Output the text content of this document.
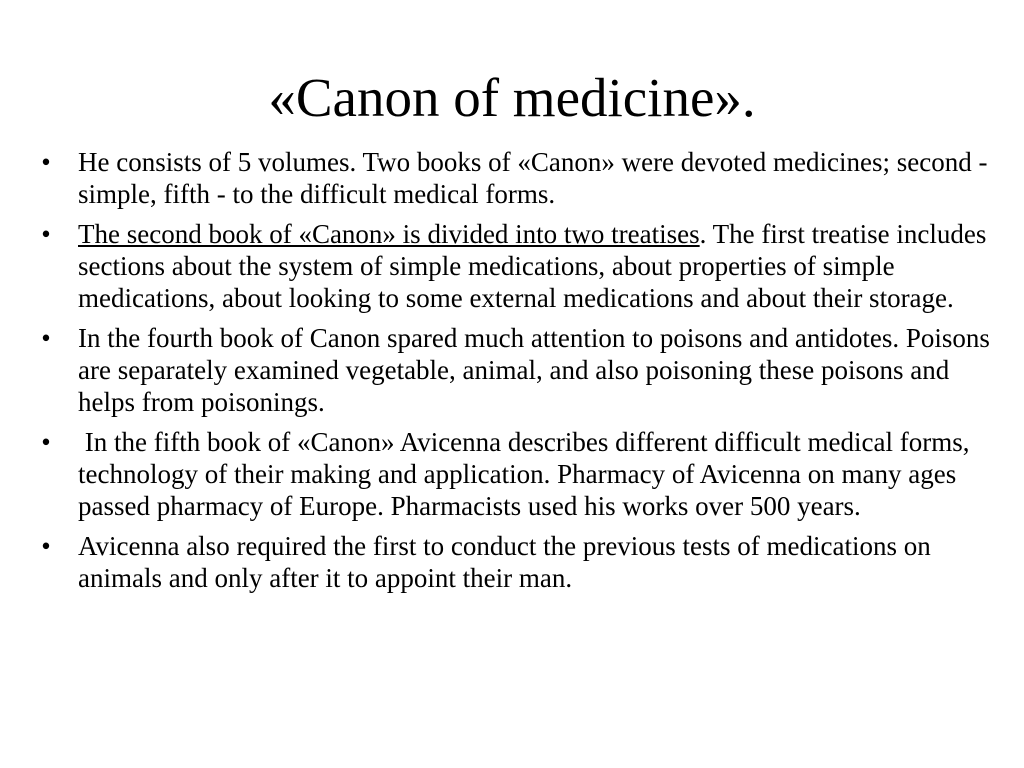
«Canon of medicine».
• He consists of 5 volumes. Two books of «Canon» were devoted medicines; second - simple, fifth - to the difficult medical forms.
• The second book of «Canon» is divided into two treatises. The first treatise includes sections about the system of simple medications, about properties of simple medications, about looking to some external medications and about their storage.
• In the fourth book of Canon spared much attention to poisons and antidotes. Poisons are separately examined vegetable, animal, and also poisoning these poisons and helps from poisonings.
• In the fifth book of «Canon» Avicenna describes different difficult medical forms, technology of their making and application. Pharmacy of Avicenna on many ages passed pharmacy of Europe. Pharmacists used his works over 500 years.
• Avicenna also required the first to conduct the previous tests of medications on animals and only after it to appoint their man.
